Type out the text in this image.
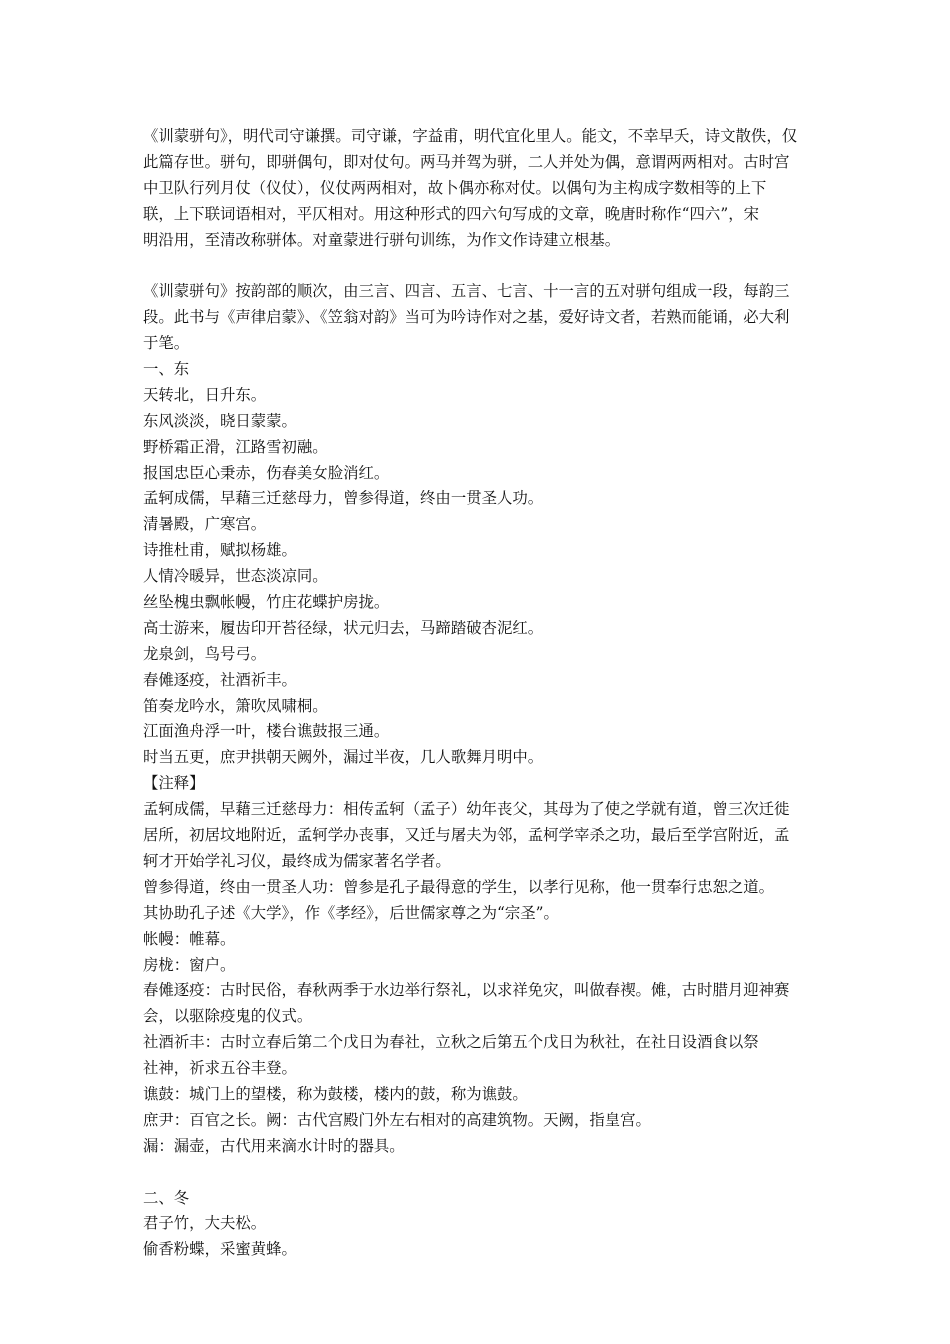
《训蒙骈句》，明代司守谦撰。司守谦，字益甫，明代宜化里人。能文，不幸早夭，诗文散佚，仅
此篇存世。骈句，即骈偶句，即对仗句。两马并驾为骈，二人并处为偶，意谓两两相对。古时宫
中卫队行列月仗（仪仗），仪仗两两相对，故卜偶亦称对仗。以偶句为主构成字数相等的上下
联，上下联词语相对，平仄相对。用这种形式的四六句写成的文章，晚唐时称作“四六”，宋
明沿用，至清改称骈体。对童蒙进行骈句训练，为作文作诗建立根基。
《训蒙骈句》按韵部的顺次，由三言、四言、五言、七言、十一言的五对骈句组成一段，每韵三
段。此书与《声律启蒙》、《笠翁对韵》当可为吟诗作对之基，爱好诗文者，若熟而能诵，必大利
于笔。
一、东
天转北，日升东。
东风淡淡，晓日蒙蒙。
野桥霜正滑，江路雪初融。
报国忠臣心秉赤，伤春美女脸消红。
孟轲成儒，早藉三迁慈母力，曾参得道，终由一贯圣人功。
清暑殿，广寒宫。
诗推杜甫，赋拟杨雄。
人情冷暖异，世态淡凉同。
丝坠槐虫飘帐幔，竹庄花蝶护房拢。
高士游来，履齿印开苔径绿，状元归去，马蹄踏破杏泥红。
龙泉剑，鸟号弓。
春傩逐疫，社酒祈丰。
笛奏龙吟水，箫吹凤啸桐。
江面渔舟浮一叶，楼台谯鼓报三通。
时当五更，庶尹拱朝天阙外，漏过半夜，几人歌舞月明中。
【注释】
孟轲成儒，早藉三迁慈母力：相传孟轲（孟子）幼年丧父，其母为了使之学就有道，曾三次迁徙
居所，初居坟地附近，孟轲学办丧事，又迁与屠夫为邻，孟柯学宰杀之功，最后至学宫附近，孟
轲才开始学礼习仪，最终成为儒家著名学者。
曾参得道，终由一贯圣人功：曾参是孔子最得意的学生，以孝行见称，他一贯奉行忠恕之道。
其协助孔子述《大学》，作《孝经》，后世儒家尊之为“宗圣”。
帐幔：帷幕。
房栊：窗户。
春傩逐疫：古时民俗，春秋两季于水边举行祭礼，以求祥免灾，叫做春禊。傩，古时腊月迎神赛
会，以驱除疫鬼的仪式。
社酒祈丰：古时立春后第二个戊日为春社，立秋之后第五个戊日为秋社，在社日设酒食以祭
社神，祈求五谷丰登。
谯鼓：城门上的望楼，称为鼓楼，楼内的鼓，称为谯鼓。
庶尹：百官之长。阙：古代宫殿门外左右相对的高建筑物。天阙，指皇宫。
漏：漏壶，古代用来滴水计时的器具。
二、冬
君子竹，大夫松。
偷香粉蝶，采蜜黄蜂。
